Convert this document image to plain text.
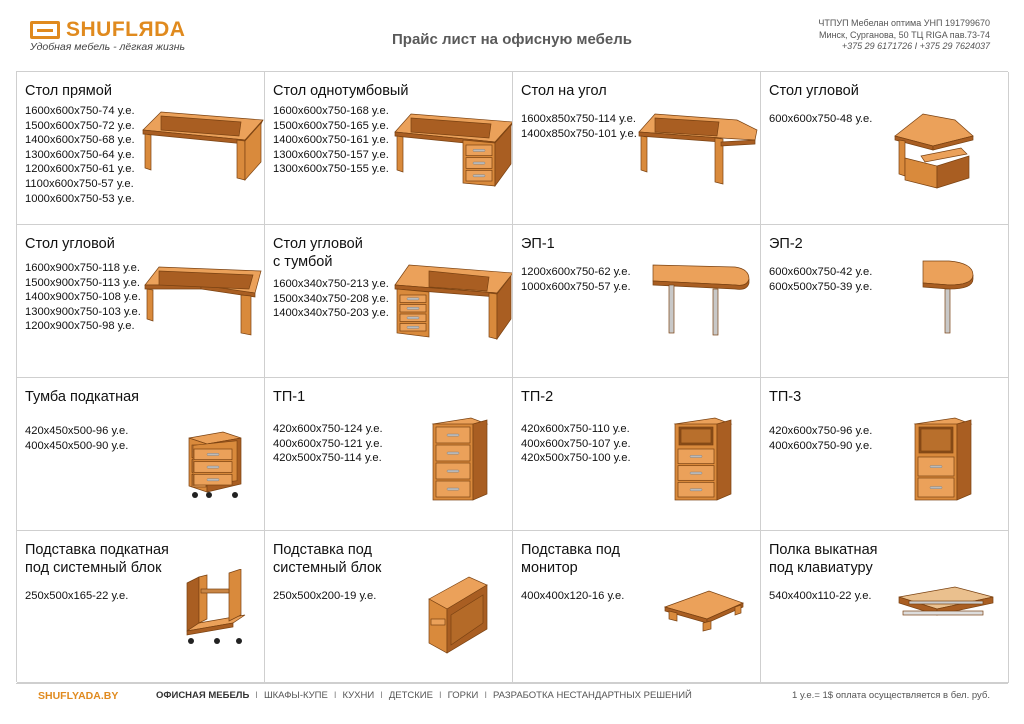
SHUFLЯDA
Удобная мебель - лёгкая жизнь	Прайс лист на офисную мебель
ЧТПУП Мебелан оптима УНП 191799670
Минск, Сурганова, 50 ТЦ RIGA пав.73-74
+375 29 6171726 I +375 29 7624037
Стол прямой
1600х600х750-74 у.е.
1500х600х750-72 у.е.
1400х600х750-68 у.е.
1300х600х750-64 у.е.
1200х600х750-61 у.е.
1100х600х750-57 у.е.
1000х600х750-53 у.е.
Стол однотумбовый
1600х600х750-168 у.е.
1500х600х750-165 у.е.
1400х600х750-161 у.е.
1300х600х750-157 у.е.
1300х600х750-155 у.е.
Стол на угол
1600х850х750-114 у.е.
1400х850х750-101 у.е.
Стол угловой
600х600х750-48 у.е.
Стол угловой
1600х900х750-118 у.е.
1500х900х750-113 у.е.
1400х900х750-108 у.е.
1300х900х750-103 у.е.
1200х900х750-98 у.е.
Стол угловой
с тумбой
1600х340х750-213 у.е.
1500х340х750-208 у.е.
1400х340х750-203 у.е.
ЭП-1
1200х600х750-62 у.е.
1000х600х750-57 у.е.
ЭП-2
600х600х750-42 у.е.
600х500х750-39 у.е.
Тумба подкатная
420х450х500-96 у.е.
400х450х500-90 у.е.
ТП-1
420х600х750-124 у.е.
400х600х750-121 у.е.
420х500х750-114 у.е.
ТП-2
420х600х750-110 у.е.
400х600х750-107 у.е.
420х500х750-100 у.е.
ТП-3
420х600х750-96 у.е.
400х600х750-90 у.е.
Подставка подкатная
под системный блок
250х500х165-22 у.е.
Подставка под
системный блок
250х500х200-19 у.е.
Подставка под
монитор
400х400х120-16 у.е.
Полка выкатная
под клавиатуру
540х400х110-22 у.е.
SHUFLYADA.BY	ОФИСНАЯ МЕБЕЛЬ I ШКАФЫ-КУПЕ I КУХНИ I ДЕТСКИЕ I ГОРКИ I РАЗРАБОТКА НЕСТАНДАРТНЫХ РЕШЕНИЙ	1 у.е.= 1$ оплата осуществляется в бел. руб.
